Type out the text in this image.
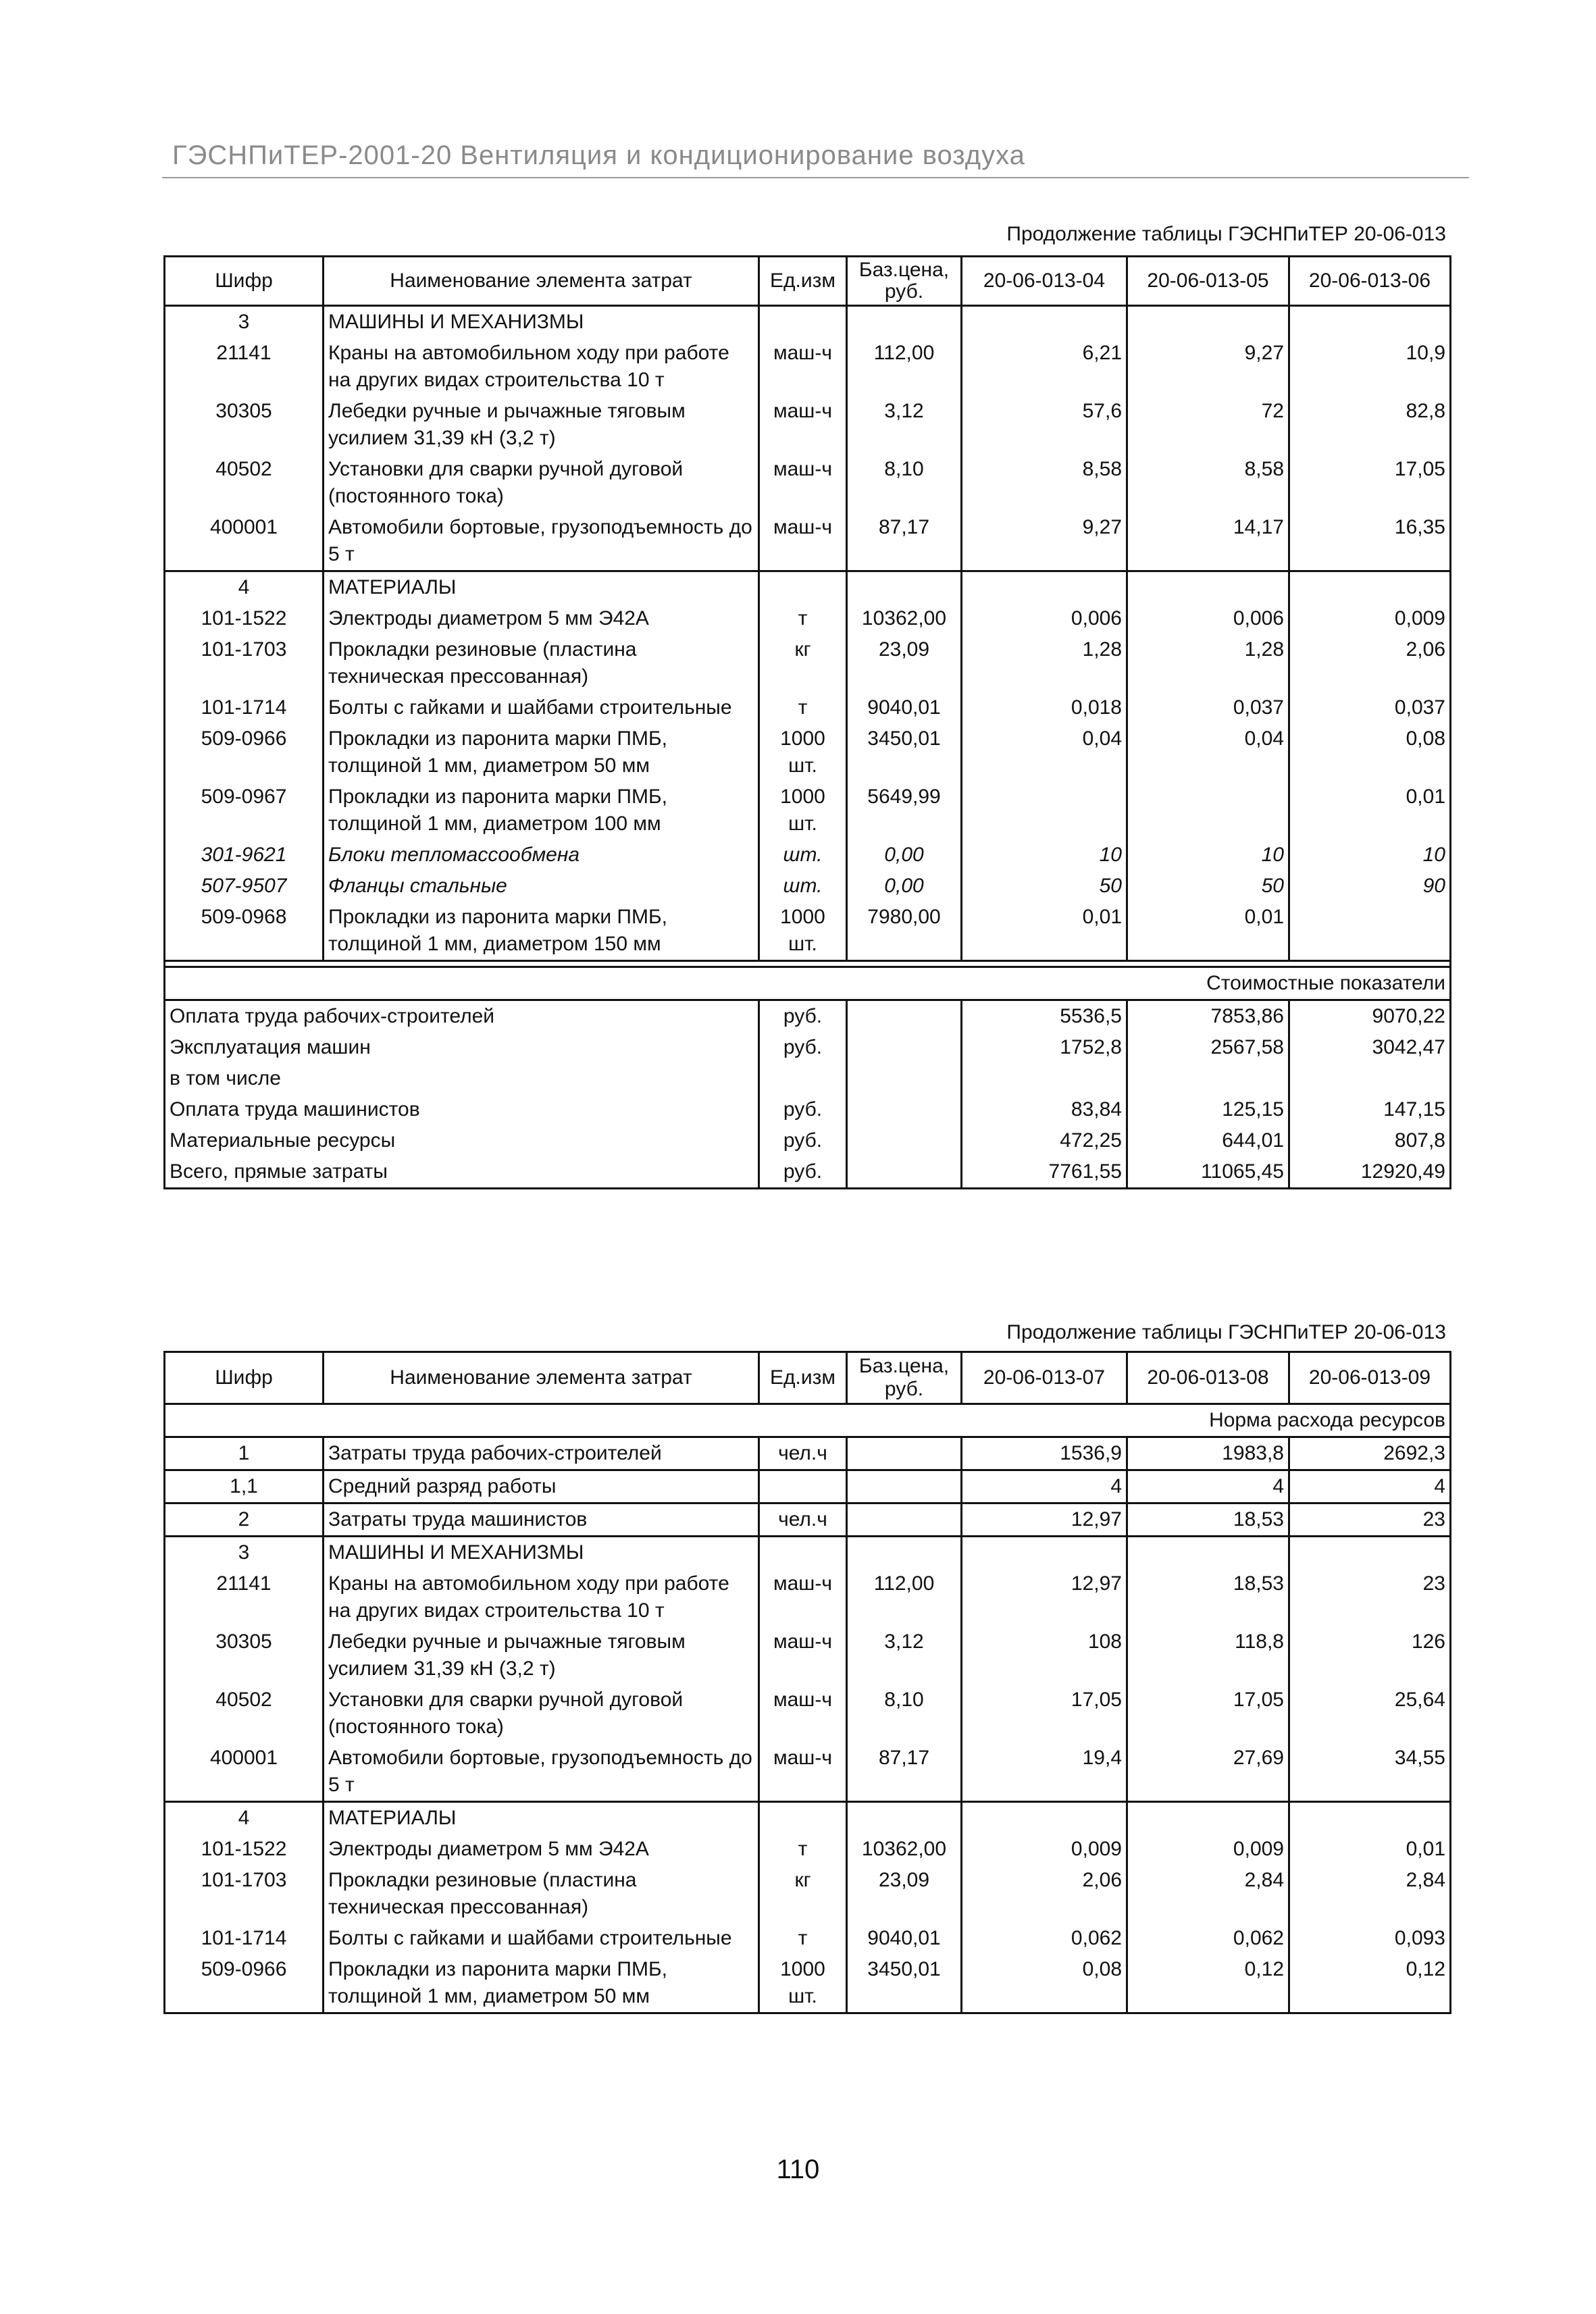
ГЭСНПиТЕР-2001-20 Вентиляция и кондиционирование воздуха
Продолжение таблицы ГЭСНПиТЕР 20-06-013
Шифр	Наименование элемента затрат	Ед.изм	Баз.цена, руб.	20-06-013-04	20-06-013-05	20-06-013-06
3	МАШИНЫ И МЕХАНИЗМЫ					
21141	Краны на автомобильном ходу при работе на других видах строительства 10 т	маш-ч	112,00	6,21	9,27	10,9
30305	Лебедки ручные и рычажные тяговым усилием 31,39 кН (3,2 т)	маш-ч	3,12	57,6	72	82,8
40502	Установки для сварки ручной дуговой (постоянного тока)	маш-ч	8,10	8,58	8,58	17,05
400001	Автомобили бортовые, грузоподъемность до 5 т	маш-ч	87,17	9,27	14,17	16,35
4	МАТЕРИАЛЫ					
101-1522	Электроды диаметром 5 мм Э42А	т	10362,00	0,006	0,006	0,009
101-1703	Прокладки резиновые (пластина техническая прессованная)	кг	23,09	1,28	1,28	2,06
101-1714	Болты с гайками и шайбами строительные	т	9040,01	0,018	0,037	0,037
509-0966	Прокладки из паронита марки ПМБ, толщиной 1 мм, диаметром 50 мм	1000 шт.	3450,01	0,04	0,04	0,08
509-0967	Прокладки из паронита марки ПМБ, толщиной 1 мм, диаметром 100 мм	1000 шт.	5649,99			0,01
301-9621	Блоки тепломассообмена	шт.	0,00	10	10	10
507-9507	Фланцы стальные	шт.	0,00	50	50	90
509-0968	Прокладки из паронита марки ПМБ, толщиной 1 мм, диаметром 150 мм	1000 шт.	7980,00	0,01	0,01	

				Стоимостные показатели		
Оплата труда рабочих-строителей		руб.		5536,5	7853,86	9070,22
Эксплуатация машин		руб.		1752,8	2567,58	3042,47
в том числе						
Оплата труда машинистов		руб.		83,84	125,15	147,15
Материальные ресурсы		руб.		472,25	644,01	807,8
Всего, прямые затраты		руб.		7761,55	11065,45	12920,49
Продолжение таблицы ГЭСНПиТЕР 20-06-013
Шифр	Наименование элемента затрат	Ед.изм	Баз.цена, руб.	20-06-013-07	20-06-013-08	20-06-013-09
				Норма расхода ресурсов		
1	Затраты труда рабочих-строителей	чел.ч		1536,9	1983,8	2692,3
1,1	Средний разряд работы			4	4	4
2	Затраты труда машинистов	чел.ч		12,97	18,53	23
3	МАШИНЫ И МЕХАНИЗМЫ					
21141	Краны на автомобильном ходу при работе на других видах строительства 10 т	маш-ч	112,00	12,97	18,53	23
30305	Лебедки ручные и рычажные тяговым усилием 31,39 кН (3,2 т)	маш-ч	3,12	108	118,8	126
40502	Установки для сварки ручной дуговой (постоянного тока)	маш-ч	8,10	17,05	17,05	25,64
400001	Автомобили бортовые, грузоподъемность до 5 т	маш-ч	87,17	19,4	27,69	34,55
4	МАТЕРИАЛЫ					
101-1522	Электроды диаметром 5 мм Э42А	т	10362,00	0,009	0,009	0,01
101-1703	Прокладки резиновые (пластина техническая прессованная)	кг	23,09	2,06	2,84	2,84
101-1714	Болты с гайками и шайбами строительные	т	9040,01	0,062	0,062	0,093
509-0966	Прокладки из паронита марки ПМБ, толщиной 1 мм, диаметром 50 мм	1000 шт.	3450,01	0,08	0,12	0,12
110
